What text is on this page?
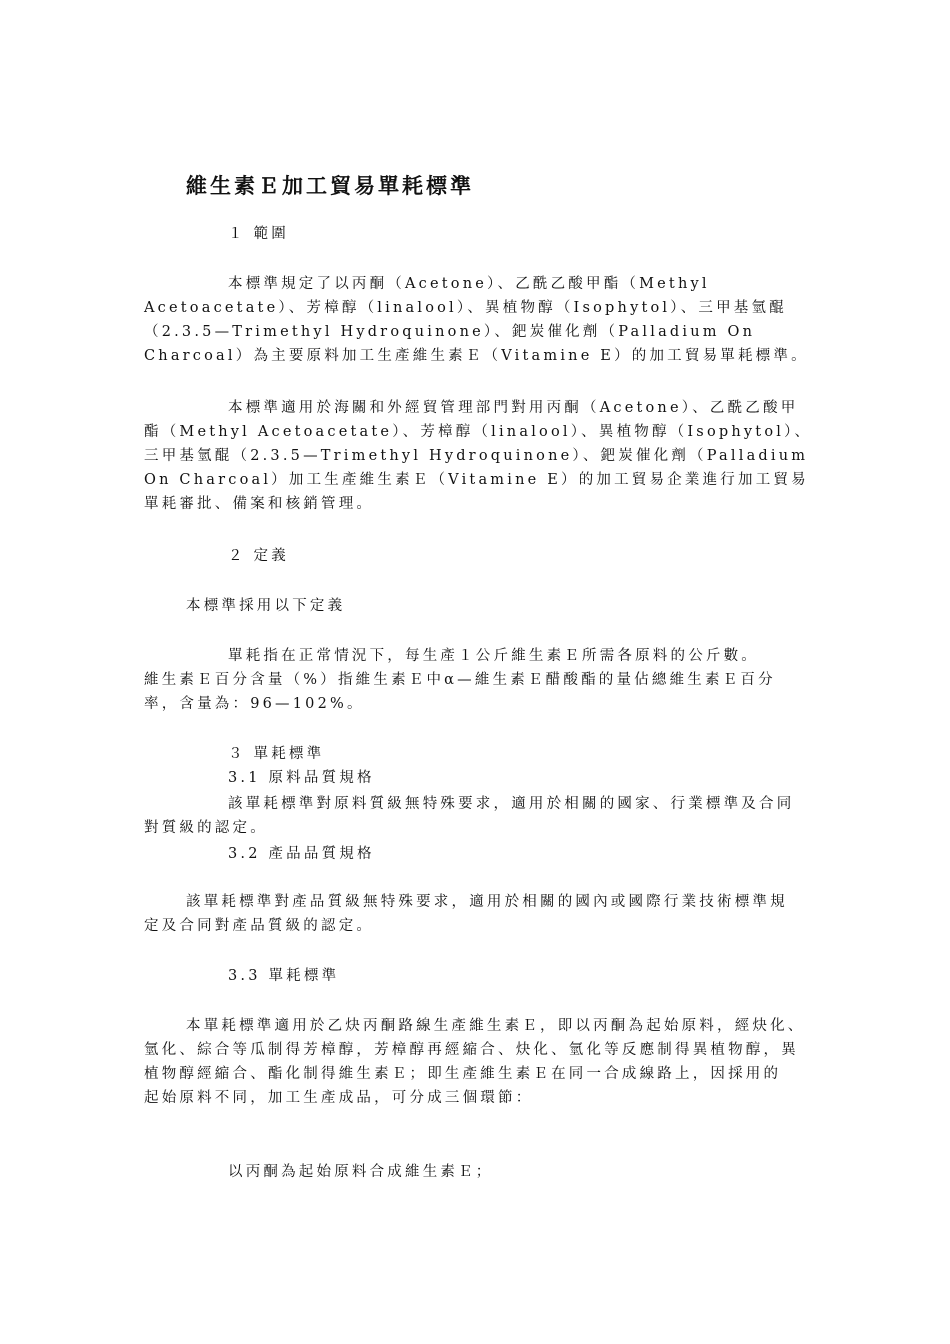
維生素Ｅ加工貿易單耗標準
１ 範圍
本標準規定了以丙酮（Acetone）、乙酰乙酸甲酯（Methyl
Acetoacetate）、芳樟醇（linalool）、異植物醇（Isophytol）、三甲基氫醌
（2.3.5—Trimethyl Hydroquinone）、鈀炭催化劑（Palladium On
Charcoal）為主要原料加工生產維生素Ｅ（Vitamine E）的加工貿易單耗標準。
本標準適用於海關和外經貿管理部門對用丙酮（Acetone）、乙酰乙酸甲
酯（Methyl Acetoacetate）、芳樟醇（linalool）、異植物醇（Isophytol）、
三甲基氫醌（2.3.5—Trimethyl Hydroquinone）、鈀炭催化劑（Palladium
On Charcoal）加工生產維生素Ｅ（Vitamine E）的加工貿易企業進行加工貿易
單耗審批、備案和核銷管理。
２ 定義
本標準採用以下定義
單耗指在正常情況下，每生產１公斤維生素Ｅ所需各原料的公斤數。
維生素Ｅ百分含量（%）指維生素Ｅ中α—維生素Ｅ醋酸酯的量佔總維生素Ｅ百分
率，含量為：96—102%。
３ 單耗標準
3.1 原料品質規格
該單耗標準對原料質級無特殊要求，適用於相關的國家、行業標準及合同
對質級的認定。
3.2 產品品質規格
該單耗標準對產品質級無特殊要求，適用於相關的國內或國際行業技術標準規
定及合同對產品質級的認定。
3.3 單耗標準
本單耗標準適用於乙炔丙酮路線生產維生素Ｅ，即以丙酮為起始原料，經炔化、
氫化、綜合等瓜制得芳樟醇，芳樟醇再經縮合、炔化、氫化等反應制得異植物醇，異
植物醇經縮合、酯化制得維生素Ｅ；即生產維生素Ｅ在同一合成線路上，因採用的
起始原料不同，加工生產成品，可分成三個環節：
以丙酮為起始原料合成維生素Ｅ；
